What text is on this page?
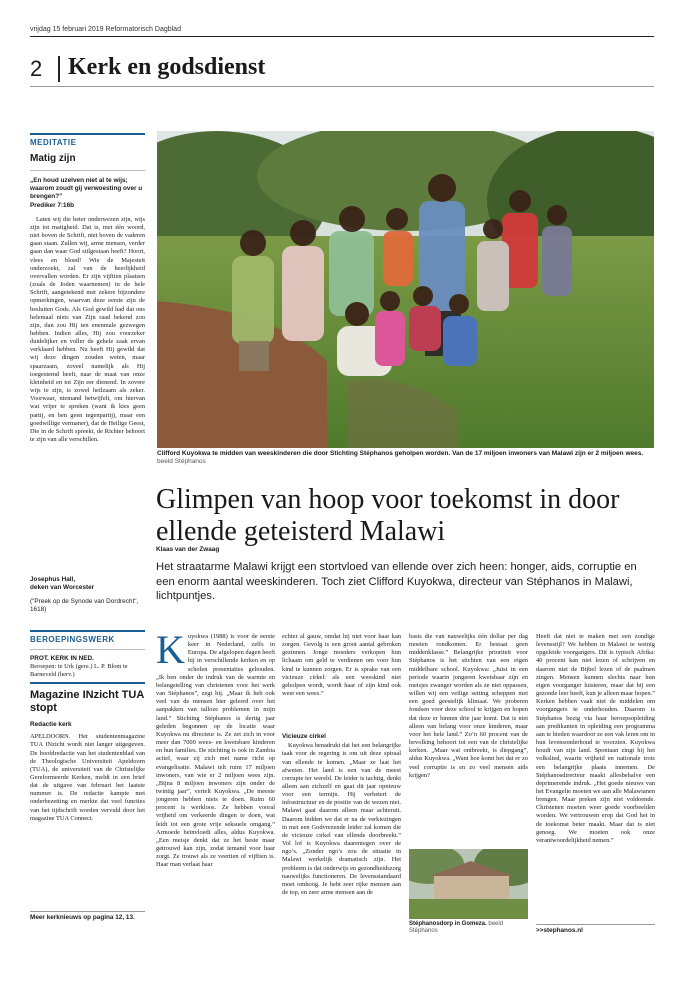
vrijdag 15 februari 2019 Reformatorisch Dagblad
2 Kerk en godsdienst
MEDITATIE
Matig zijn

„En houd uzelven niet al te wijs; waarom zoudt gij verwoesting over u brengen?”

Prediker 7:16b

Laten wij die beter onderwezen zijn, wijs zijn tot matigheid. Dat is, met één woord, niet boven de Schrift, niet boven de vaderen gaan staan. Zullen wij, arme mensen, verder gaan dan waar God stilgestaan heeft? Hoort, vlees en bloed! Wie de Majesteit onderzoekt, zal van de heerlijkheid overvallen worden. Er zijn vijftien plaatsen (zoals de Joden waarnemen) in de hele Schrift, aangetekend met zekere bijzondere opmerkingen, waarvan deze eerste zijn de besluiten Gods. Als God gewild had dat ons helemaal niets van Zijn raad bekend zou zijn, dan zou Hij ten enenmale gezwegen hebben. Indien alles, Hij zou voorzeker duidelijker en voller de gehele zaak ervan verklaard hebben. Nu heeft Hij gewild dat wij deze dingen zouden weten, maar spaarzaam, zoveel namelijk als Hij toegestemd heeft, naar de maat van onze kleinheid en tot Zijn eer dienend. In zovere wijs te zijn, is zowel heilzaam als zeker. Voorwaar, niemand betwijfelt, om hiervan wat vrijer te spreken (want ik kies geen partij, en ben geen tegenpartij), maar een goedwillige vermaner), dat de Heilige Geest, Die in de Schrift spreekt, de Richter behoort te zijn van alle verschillen.

Josephus Hall,

deken van Worcester

("Preek op de Synode van Dordrecht", 1618)

BEROEPINGSWERK

PROT. KERK IN NED.

Beroepen: te Urk (gere.) L. P. Blom te Barneveld (herv.)

Magazine INzicht TUA stopt

Redactie kerk

APELDOORN. Het studentenmagazine TUA INzicht wordt niet langer uitgegeven. De hoofdredactie van het studentenblad van de Theologische Universiteit Apeldoorn (TUA), de universiteit van de Christelijke Gereformeerde Kerken, meldt in een brief dat de uitgave van februari het laatste nummer is. De redactie kampte met onderbezetting en merkte dat veel functies van het tijdschrift worden vervuld door het magazine TUA Connect.

Meer kerknieuws op pagina 12, 13.

Clifford Kuyokwa te midden van weeskinderen die door Stichting Stéphanos geholpen worden. Van de 17 miljoen inwoners van Malawi zijn er 2 miljoen wees. beeld Stéphanos
Glimpen van hoop voor toekomst in door ellende geteisterd Malawi
Klaas van der Zwaag
Het straatarme Malawi krijgt een stortvloed van ellende over zich heen: honger, aids, corruptie en een enorm aantal weeskinderen. Toch ziet Clifford Kuyokwa, directeur van Stéphanos in Malawi, lichtpuntjes.
Kuyokwa (1988) is voor de eerste keer in Nederland, zelfs in Europa. De afgelopen dagen heeft hij in verschillende kerken en op scholen presentaties gehouden. „Ik ben onder de indruk van de warmte en belangstelling van christenen voor het werk van Stéphanos”, zegt hij. „Maar ik heb ook veel van de mensen hier geleerd over het aanpakken van talloze problemen in mijn land.” Stichting Stéphanos is dertig jaar geleden begonnen op de locatie waar Kuyokwa nu directeur is. Ze zet zich in voor meer dan 7000 wees- en kwetsbare kinderen en hun families. De stichting is ook in Zambia actief, waar zij zich met name richt op evangelisatie. Malawi telt ruim 17 miljoen inwoners, van wie er 2 miljoen wees zijn. „Bijna 8 miljoen inwoners zijn onder de twintig jaar”, vertelt Kuyokwa. „De meeste jongeren hebben niets te doen. Ruim 60 procent is werkloos. Ze hebben vooral vrijheid om verkeerde dingen te doen, wat leidt tot een grote vrije seksuele omgang.” Armoede beïnvloedt alles, aldus Kuyokwa. „Een meisje denkt dat ze het beste maar getrouwd kan zijn, zodat iemand voor haar zorgt. Ze trouwt als ze veertien of vijftien is. Haar man verlaat haar

echter al gauw, omdat hij niet voor haar kan zorgen. Gevolg is een groot aantal gebroken gezinnen. Jonge moeders verkopen hun lichaam om geld te verdienen om voor hun kind te kunnen zorgen. Er is sprake van een vicieuze cirkel: als een weeskind niet geholpen wordt, wordt haar of zijn kind ook weer een wees.”

Vicieuze cirkel

Kuyokwa benadrukt dat het een belangrijke taak voor de regering is om uit deze spiraal van ellende te komen. „Maar ze laat het afweten. Het land is een van de meest corrupte ter wereld. De leider is tachtig, denkt alleen aan zichzelf en gaat dit jaar opnieuw voor een termijn. Hij verbetert de infrastructuur en de positie van de wezen niet. Malawi gaat daarom alleen maar achteruit. Daarom bidden we dat er na de verkiezingen in mei een Godvrezende leider zal komen die de vicieuze cirkel van ellende doorbreekt.” Vol lof is Kuyokwa daarentegen over de ngo’s. „Zonder ngo’s zou de situatie in Malawi werkelijk dramatisch zijn. Het probleem is dat onderwijs en gezondheidszorg nauwelijks functioneren. De levensstandaard moet omhoog. Je hebt zeer rijke mensen aan de top, en zeer arme mensen aan de

basis die van nauwelijks één dollar per dag moeten rondkomen. Er bestaat geen middenklasse.” Belangrijke prioriteit voor Stéphanos is het stichten van een eigen middelbare school. Kuyokwa: „Juist in een periode waarin jongeren kwetsbaar zijn en meisjes zwanger worden als ze niet oppassen, willen wij een veilige setting scheppen met een goed geestelijk klimaat. We proberen fondsen voor deze school te krijgen en hopen dat deze er binnen drie jaar komt. Dat is niet alleen van belang voor onze kinderen, maar voor het hele land.” Zo’n 60 procent van de bevolking behoort tot een van de christelijke kerken. „Maar wat ontbreekt, is diepgang”, aldus Kuyokwa. „Want hoe komt het dat er zo veel corruptie is en zo veel mensen aids krijgen?

Stéphanosdorp in Gomeza. beeld Stéphanos

Heeft dat niet te maken met een zondige levensstijl? We hebben in Malawi te weinig opgeleide voorgangers. Dit is typisch Afrika: 40 procent kan niet lezen of schrijven en daarom niet de Bijbel lezen of de psalmen zingen. Mensen kunnen slechts naar hun eigen voorganger luisteren, maar dat hij een gezonde leer heeft, kun je alleen maar hopen.” Kerken hebben vaak niet de middelen om voorgangers te onderhouden. Daarom is Stéphanos bezig via haar beroepsopleiding aan predikanten in opleiding een programma aan te bieden waardoor ze een vak leren om in hun levensonderhoud te voorzien. Kuyokwa houdt van zijn land. Spontaan zingt hij het volkslied, waarin vrijheid en nationale trots een belangrijke plaats innemen. De Stéphanosdirecteur maakt allesbehalve een deprimerende indruk. „Het goede nieuws van het Evangelie moeten we aan alle Malawianen brengen. Maar preken zijn niet voldoende. Christenen moeten weer goede voorbeelden worden. We vertrouwen erop dat God het in de toekomst beter maakt. Maar dat is niet genoeg. We moeten ook onze verantwoordelijkheid nemen.”

>>stephanos.nl
